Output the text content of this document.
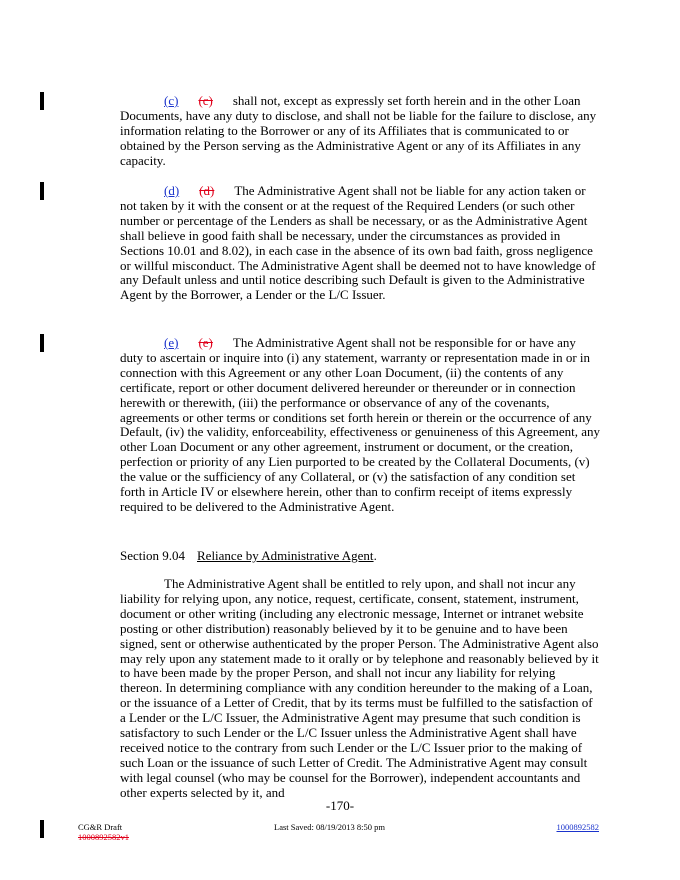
(c) (c) shall not, except as expressly set forth herein and in the other Loan Documents, have any duty to disclose, and shall not be liable for the failure to disclose, any information relating to the Borrower or any of its Affiliates that is communicated to or obtained by the Person serving as the Administrative Agent or any of its Affiliates in any capacity.
(d) (d) The Administrative Agent shall not be liable for any action taken or not taken by it with the consent or at the request of the Required Lenders (or such other number or percentage of the Lenders as shall be necessary, or as the Administrative Agent shall believe in good faith shall be necessary, under the circumstances as provided in Sections 10.01 and 8.02), in each case in the absence of its own bad faith, gross negligence or willful misconduct. The Administrative Agent shall be deemed not to have knowledge of any Default unless and until notice describing such Default is given to the Administrative Agent by the Borrower, a Lender or the L/C Issuer.
(e) (e) The Administrative Agent shall not be responsible for or have any duty to ascertain or inquire into (i) any statement, warranty or representation made in or in connection with this Agreement or any other Loan Document, (ii) the contents of any certificate, report or other document delivered hereunder or thereunder or in connection herewith or therewith, (iii) the performance or observance of any of the covenants, agreements or other terms or conditions set forth herein or therein or the occurrence of any Default, (iv) the validity, enforceability, effectiveness or genuineness of this Agreement, any other Loan Document or any other agreement, instrument or document, or the creation, perfection or priority of any Lien purported to be created by the Collateral Documents, (v) the value or the sufficiency of any Collateral, or (v) the satisfaction of any condition set forth in Article IV or elsewhere herein, other than to confirm receipt of items expressly required to be delivered to the Administrative Agent.
Section 9.04 Reliance by Administrative Agent.
The Administrative Agent shall be entitled to rely upon, and shall not incur any liability for relying upon, any notice, request, certificate, consent, statement, instrument, document or other writing (including any electronic message, Internet or intranet website posting or other distribution) reasonably believed by it to be genuine and to have been signed, sent or otherwise authenticated by the proper Person. The Administrative Agent also may rely upon any statement made to it orally or by telephone and reasonably believed by it to have been made by the proper Person, and shall not incur any liability for relying thereon. In determining compliance with any condition hereunder to the making of a Loan, or the issuance of a Letter of Credit, that by its terms must be fulfilled to the satisfaction of a Lender or the L/C Issuer, the Administrative Agent may presume that such condition is satisfactory to such Lender or the L/C Issuer unless the Administrative Agent shall have received notice to the contrary from such Lender or the L/C Issuer prior to the making of such Loan or the issuance of such Letter of Credit. The Administrative Agent may consult with legal counsel (who may be counsel for the Borrower), independent accountants and other experts selected by it, and
-170-
CG&R Draft
1000892582v1
Last Saved: 08/19/2013 8:50 pm	1000892582
